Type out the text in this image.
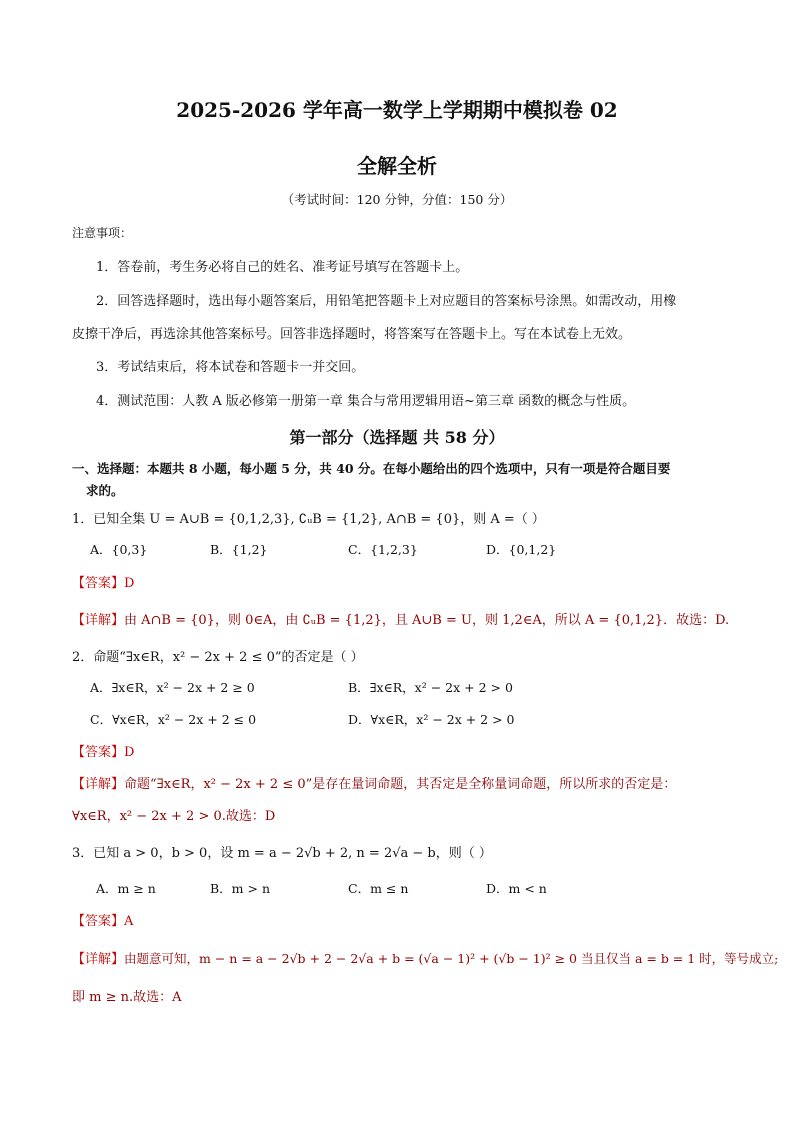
2025-2026 学年高一数学上学期期中模拟卷 02
全解全析
（考试时间：120 分钟，分值：150 分）
注意事项：
1．答卷前，考生务必将自己的姓名、准考证号填写在答题卡上。
2．回答选择题时，选出每小题答案后，用铅笔把答题卡上对应题目的答案标号涂黑。如需改动，用橡
皮擦干净后，再选涂其他答案标号。回答非选择题时，将答案写在答题卡上。写在本试卷上无效。
3．考试结束后，将本试卷和答题卡一并交回。
4．测试范围：人教 A 版必修第一册第一章 集合与常用逻辑用语~第三章 函数的概念与性质。
第一部分（选择题 共 58 分）
一、选择题：本题共 8 小题，每小题 5 分，共 40 分。在每小题给出的四个选项中，只有一项是符合题目要
求的。
1．已知全集 U = A∪B = {0,1,2,3}, ∁ᵤB = {1,2}, A∩B = {0}，则 A =（ ）
A．{0,3}	B．{1,2}	C．{1,2,3}	D．{0,1,2}
【答案】D
【详解】由 A∩B = {0}，则 0∈A，由 ∁ᵤB = {1,2}，且 A∪B = U，则 1,2∈A，所以 A = {0,1,2}．故选：D.
2．命题“∃x∈R，x² − 2x + 2 ≤ 0”的否定是（ ）
A．∃x∈R，x² − 2x + 2 ≥ 0	B．∃x∈R，x² − 2x + 2 > 0
C．∀x∈R，x² − 2x + 2 ≤ 0	D．∀x∈R，x² − 2x + 2 > 0
【答案】D
【详解】命题“∃x∈R，x² − 2x + 2 ≤ 0”是存在量词命题，其否定是全称量词命题，所以所求的否定是：
∀x∈R，x² − 2x + 2 > 0.故选：D
3．已知 a > 0，b > 0，设 m = a − 2√b + 2, n = 2√a − b，则（ ）
A．m ≥ n	B．m > n	C．m ≤ n	D．m < n
【答案】A
【详解】由题意可知，m − n = a − 2√b + 2 − 2√a + b = (√a − 1)² + (√b − 1)² ≥ 0 当且仅当 a = b = 1 时，等号成立;
即 m ≥ n.故选：A
